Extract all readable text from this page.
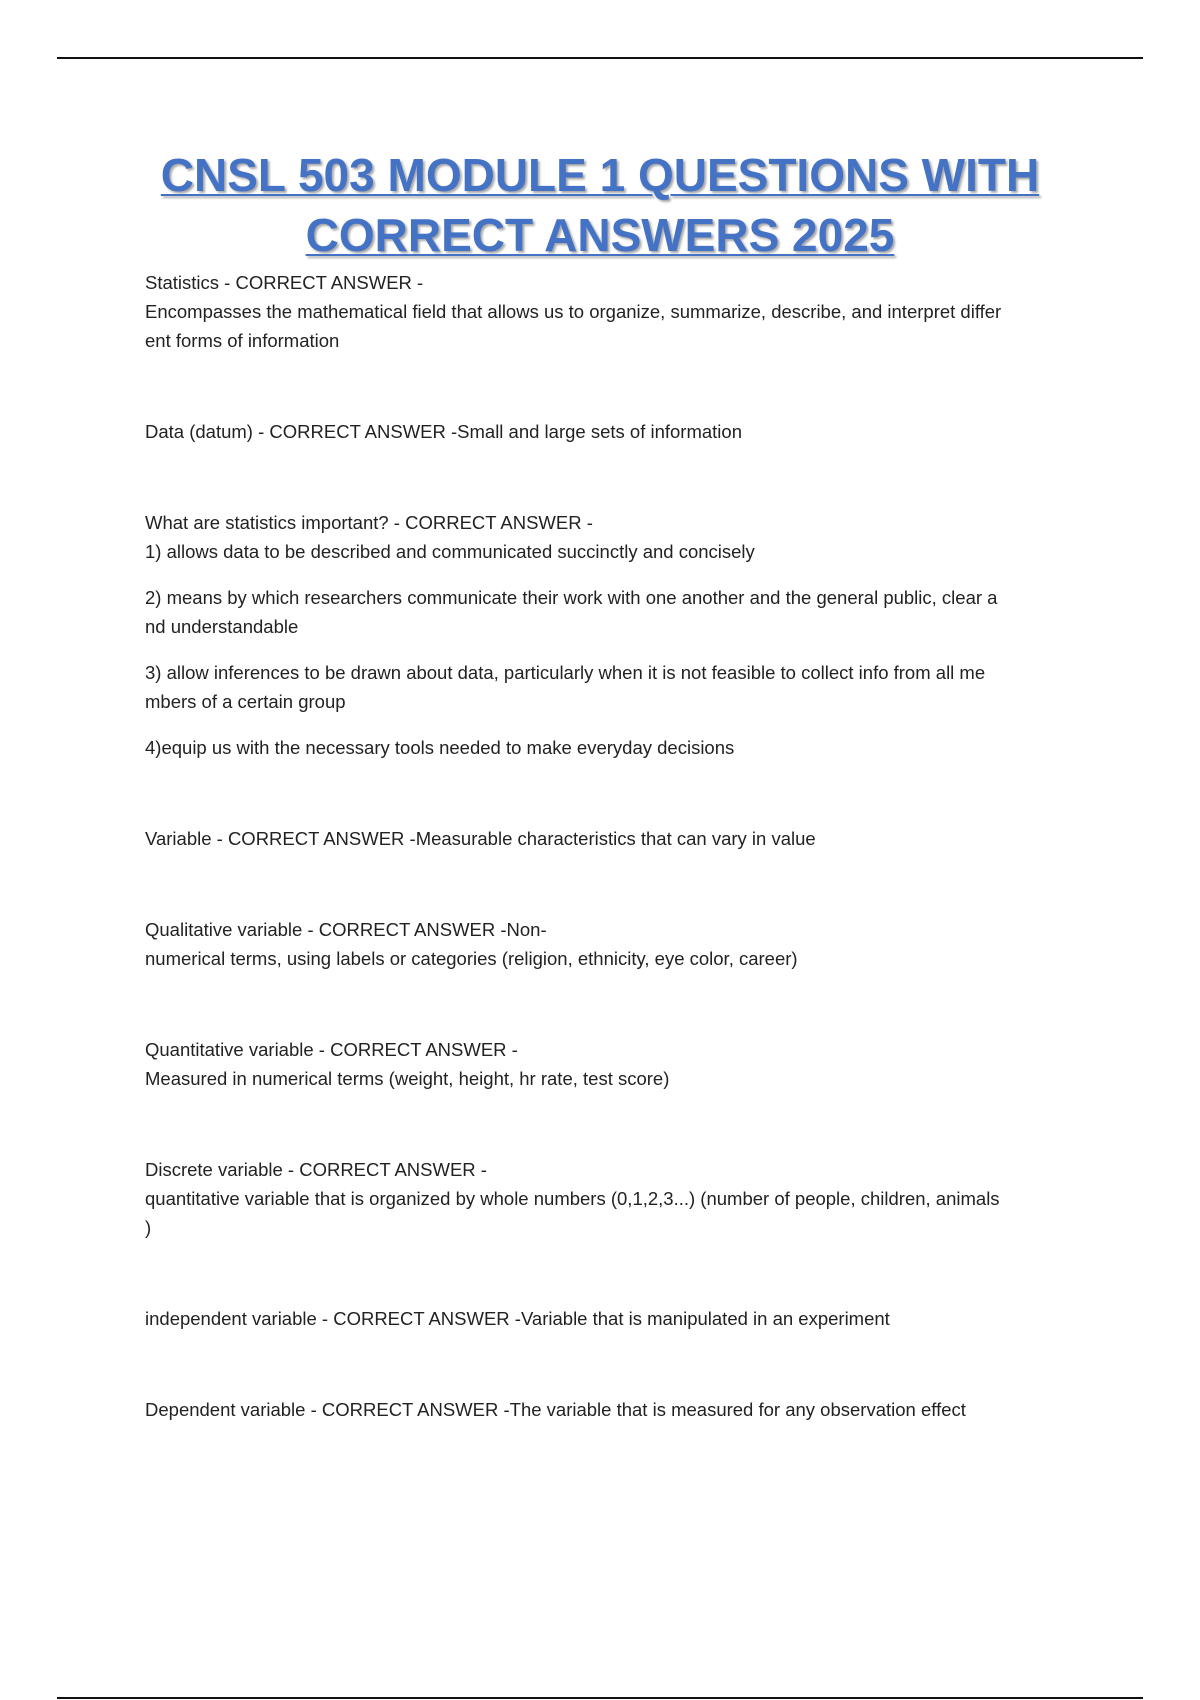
CNSL 503 MODULE 1 QUESTIONS WITH
CORRECT ANSWERS 2025
Statistics - CORRECT ANSWER -
Encompasses the mathematical field that allows us to organize, summarize, describe, and interpret differ
ent forms of information
Data (datum) - CORRECT ANSWER -Small and large sets of information
What are statistics important? - CORRECT ANSWER -
1) allows data to be described and communicated succinctly and concisely
2) means by which researchers communicate their work with one another and the general public, clear a
nd understandable
3) allow inferences to be drawn about data, particularly when it is not feasible to collect info from all me
mbers of a certain group
4)equip us with the necessary tools needed to make everyday decisions
Variable - CORRECT ANSWER -Measurable characteristics that can vary in value
Qualitative variable - CORRECT ANSWER -Non-
numerical terms, using labels or categories (religion, ethnicity, eye color, career)
Quantitative variable - CORRECT ANSWER -
Measured in numerical terms (weight, height, hr rate, test score)
Discrete variable - CORRECT ANSWER -
quantitative variable that is organized by whole numbers (0,1,2,3...) (number of people, children, animals
)
independent variable - CORRECT ANSWER -Variable that is manipulated in an experiment
Dependent variable - CORRECT ANSWER -The variable that is measured for any observation effect
